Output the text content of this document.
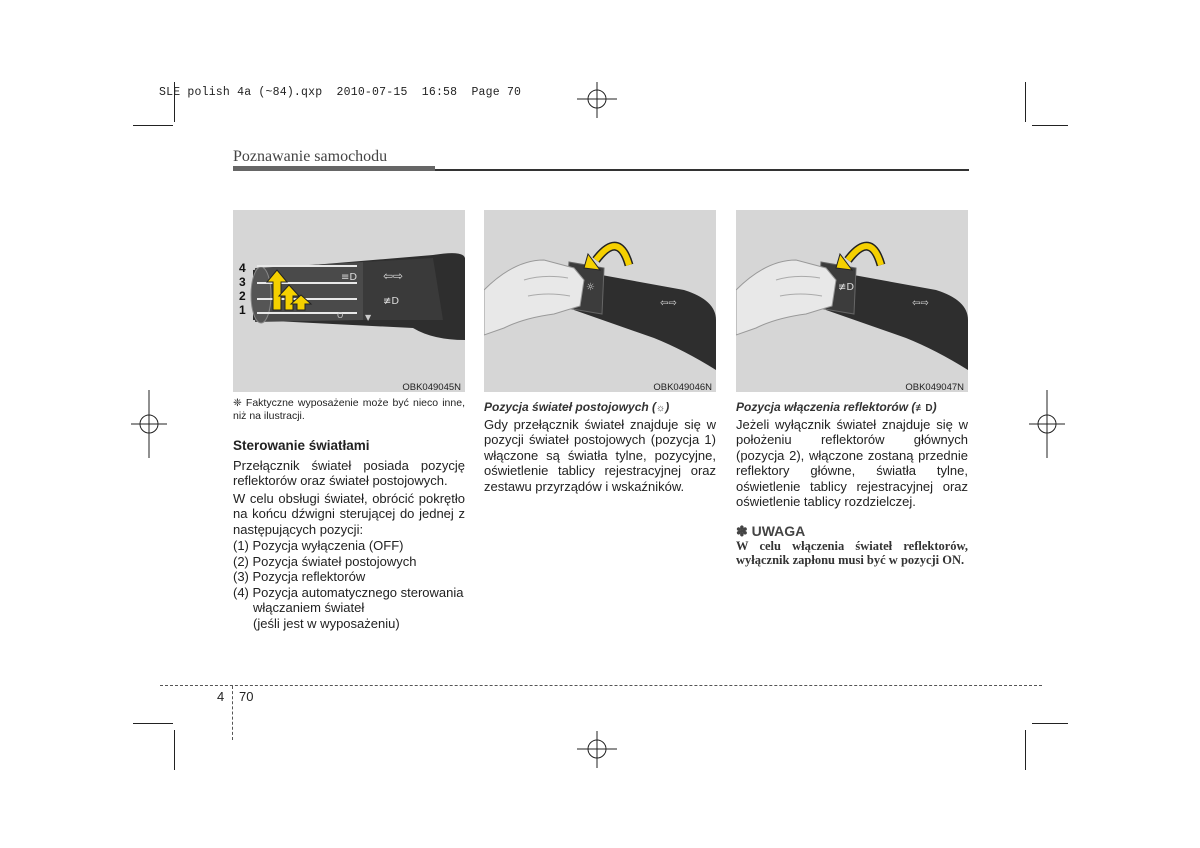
SLE polish 4a (~84).qxp  2010-07-15  16:58  Page 70
Poznawanie samochodu
⇦⇨
≡D
≢D
O	▼
4
3
2
1
OBK049045N
☼
⇦⇨
OBK049046N
≢D
⇦⇨
OBK049047N
❈ Faktyczne wyposażenie może być nieco inne, niż na ilustracji.
Sterowanie światłami
Przełącznik świateł posiada pozycję reflektorów oraz świateł postojowych.
W celu obsługi świateł, obrócić pokrętło na końcu dźwigni sterującej do jednej z następujących pozycji:
(1) Pozycja wyłączenia (OFF)
(2) Pozycja świateł postojowych
(3) Pozycja reflektorów
(4) Pozycja automatycznego sterowania
włączaniem świateł
(jeśli jest w wyposażeniu)
Pozycja świateł postojowych (☼)
Gdy przełącznik świateł znajduje się w pozycji świateł postojowych (pozycja 1) włączone są światła tylne, pozycyjne, oświetlenie tablicy rejestracyjnej oraz zestawu przyrządów i wskaźników.
Pozycja włączenia reflektorów (≢D)
Jeżeli wyłącznik świateł znajduje się w położeniu reflektorów głównych (pozycja 2), włączone zostaną przednie reflektory główne, światła tylne, oświetlenie tablicy rejestracyjnej oraz oświetlenie tablicy rozdzielczej.
✽ UWAGA
W celu włączenia świateł reflektorów, wyłącznik zapłonu musi być w pozycji ON.
4 70
